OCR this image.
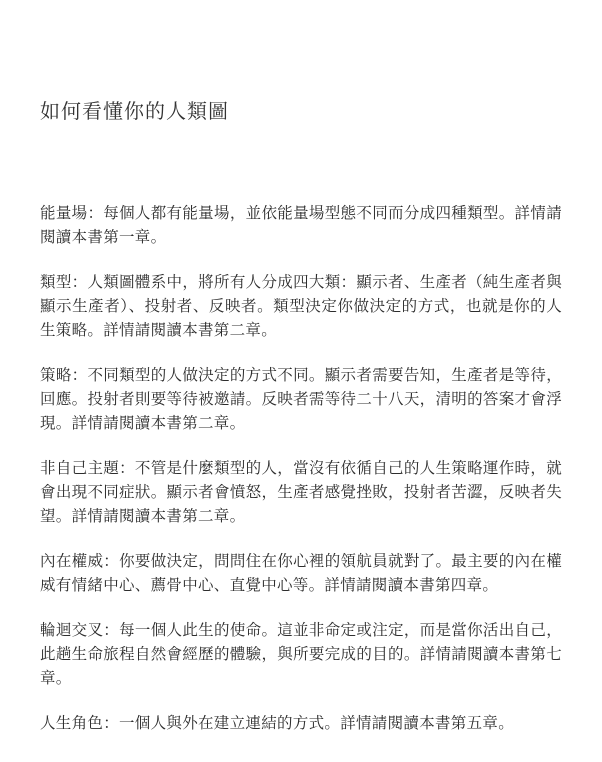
如何看懂你的人類圖

能量場：每個人都有能量場，並依能量場型態不同而分成四種類型。詳情請閱讀本書第一章。

類型：人類圖體系中，將所有人分成四大類：顯示者、生產者（純生產者與顯示生產者）、投射者、反映者。類型決定你做決定的方式，也就是你的人生策略。詳情請閱讀本書第二章。

策略：不同類型的人做決定的方式不同。顯示者需要告知，生產者是等待，回應。投射者則要等待被邀請。反映者需等待二十八天，清明的答案才會浮現。詳情請閱讀本書第二章。

非自己主題：不管是什麼類型的人，當沒有依循自己的人生策略運作時，就會出現不同症狀。顯示者會憤怒，生產者感覺挫敗，投射者苦澀，反映者失望。詳情請閱讀本書第二章。

內在權威：你要做決定，問問住在你心裡的領航員就對了。最主要的內在權威有情緒中心、薦骨中心、直覺中心等。詳情請閱讀本書第四章。

輪迴交叉：每一個人此生的使命。這並非命定或注定，而是當你活出自己，此趟生命旅程自然會經歷的體驗，與所要完成的目的。詳情請閱讀本書第七章。

人生角色：一個人與外在建立連結的方式。詳情請閱讀本書第五章。
